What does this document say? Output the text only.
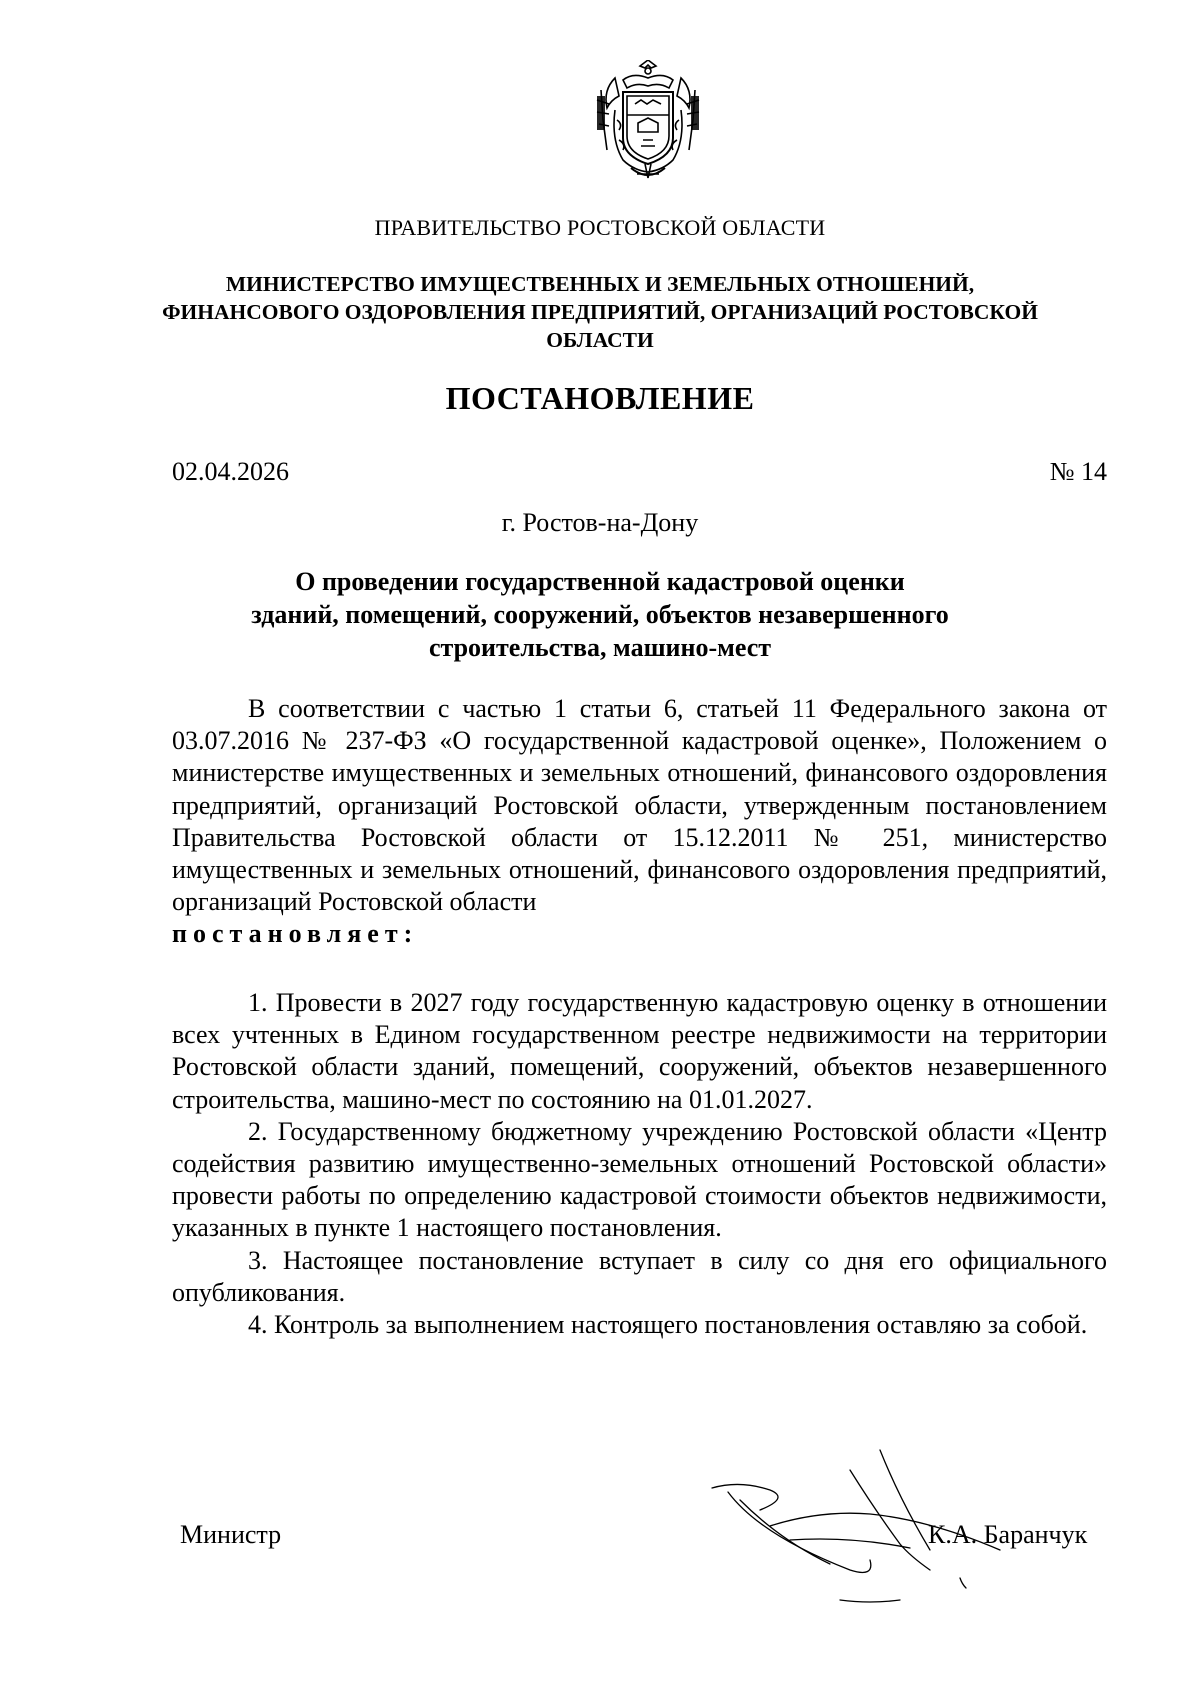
ПРАВИТЕЛЬСТВО РОСТОВСКОЙ ОБЛАСТИ
МИНИСТЕРСТВО ИМУЩЕСТВЕННЫХ И ЗЕМЕЛЬНЫХ ОТНОШЕНИЙ,
ФИНАНСОВОГО ОЗДОРОВЛЕНИЯ ПРЕДПРИЯТИЙ, ОРГАНИЗАЦИЙ РОСТОВСКОЙ
ОБЛАСТИ
ПОСТАНОВЛЕНИЕ
02.04.2026	№ 14
г. Ростов-на-Дону
О проведении государственной кадастровой оценки
зданий, помещений, сооружений, объектов незавершенного
строительства, машино-мест

В соответствии с частью 1 статьи 6, статьей 11 Федерального закона от 03.07.2016 № 237-ФЗ «О государственной кадастровой оценке», Положением о министерстве имущественных и земельных отношений, финансового оздоровления предприятий, организаций Ростовской области, утвержденным постановлением Правительства Ростовской области от 15.12.2011 № 251, министерство имущественных и земельных отношений, финансового оздоровления предприятий, организаций Ростовской области

постановляет:

1. Провести в 2027 году государственную кадастровую оценку в отношении всех учтенных в Едином государственном реестре недвижимости на территории Ростовской области зданий, помещений, сооружений, объектов незавершенного строительства, машино-мест по состоянию на 01.01.2027.

2. Государственному бюджетному учреждению Ростовской области «Центр содействия развитию имущественно-земельных отношений Ростовской области» провести работы по определению кадастровой стоимости объектов недвижимости, указанных в пункте 1 настоящего постановления.

3. Настоящее постановление вступает в силу со дня его официального опубликования.

4. Контроль за выполнением настоящего постановления оставляю за собой.

Министр	К.А. Баранчук
